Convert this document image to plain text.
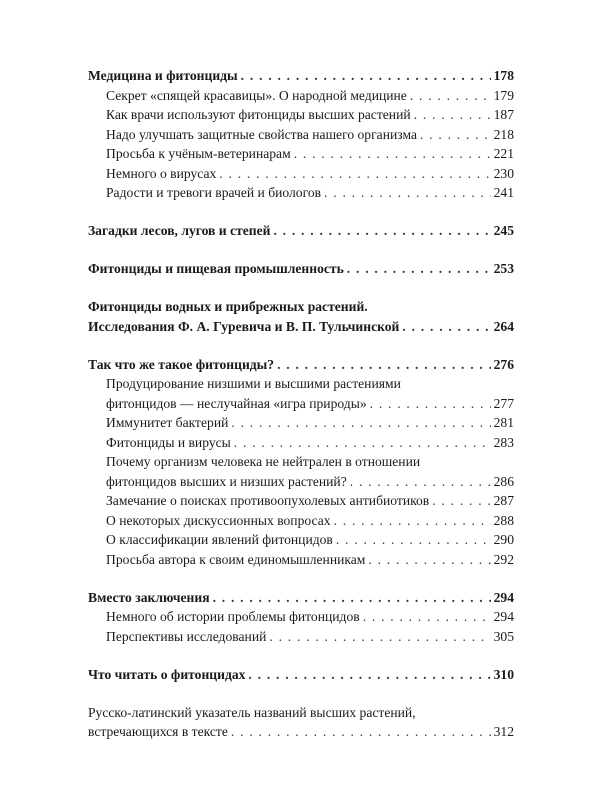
Медицина и фитонциды . . .	178
Секрет «спящей красавицы». О народной медицине . . .	179
Как врачи используют фитонциды высших растений . . .	187
Надо улучшать защитные свойства нашего организма . . .	218
Просьба к учёным-ветеринарам . . .	221
Немного о вирусах . . .	230
Радости и тревоги врачей и биологов . . .	241
Загадки лесов, лугов и степей . . .	245
Фитонциды и пищевая промышленность . . .	253
Фитонциды водных и прибрежных растений.
Исследования Ф. А. Гуревича и В. П. Тульчинской . . .	264
Так что же такое фитонциды? . . .	276
Продуцирование низшими и высшими растениями
фитонцидов — неслучайная «игра природы» . . .	277
Иммунитет бактерий . . .	281
Фитонциды и вирусы . . .	283
Почему организм человека не нейтрален в отношении
фитонцидов высших и низших растений? . . .	286
Замечание о поисках противоопухолевых антибиотиков . . .	287
О некоторых дискуссионных вопросах . . .	288
О классификации явлений фитонцидов . . .	290
Просьба автора к своим единомышленникам . . .	292
Вместо заключения . . .	294
Немного об истории проблемы фитонцидов . . .	294
Перспективы исследований . . .	305
Что читать о фитонцидах . . .	310
Русско-латинский указатель названий высших растений,
встречающихся в тексте . . .	312
